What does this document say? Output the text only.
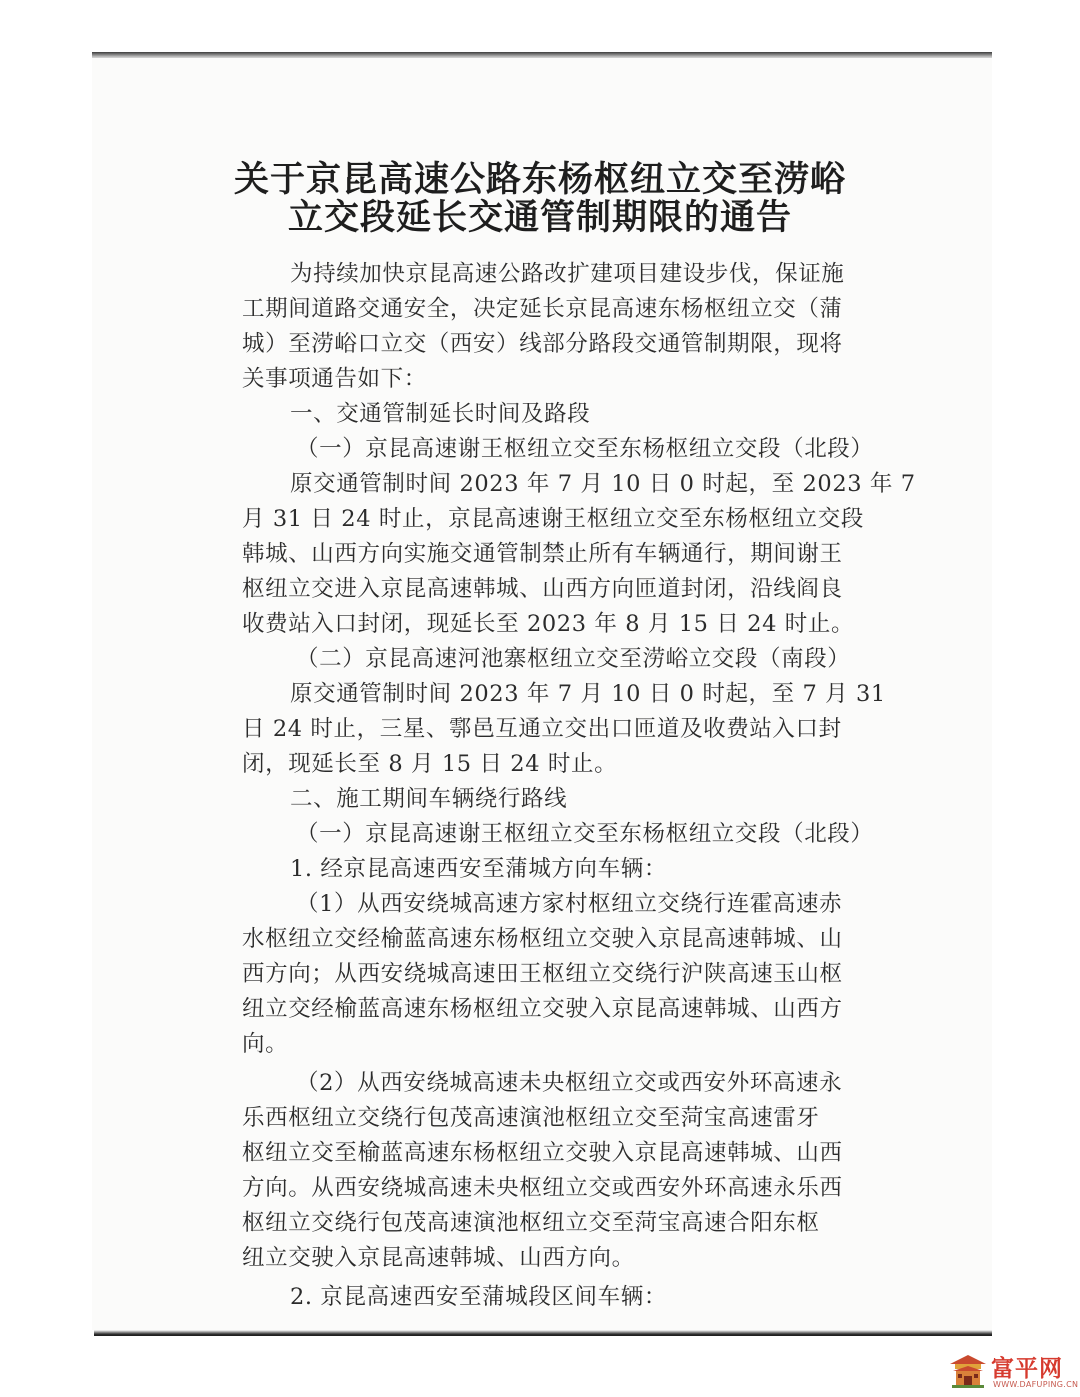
关于京昆高速公路东杨枢纽立交至涝峪
立交段延长交通管制期限的通告
为持续加快京昆高速公路改扩建项目建设步伐，保证施
工期间道路交通安全，决定延长京昆高速东杨枢纽立交（蒲
城）至涝峪口立交（西安）线部分路段交通管制期限，现将
关事项通告如下：
一、交通管制延长时间及路段
（一）京昆高速谢王枢纽立交至东杨枢纽立交段（北段）
原交通管制时间 2023 年 7 月 10 日 0 时起，至 2023 年 7
月 31 日 24 时止，京昆高速谢王枢纽立交至东杨枢纽立交段
韩城、山西方向实施交通管制禁止所有车辆通行，期间谢王
枢纽立交进入京昆高速韩城、山西方向匝道封闭，沿线阎良
收费站入口封闭，现延长至 2023 年 8 月 15 日 24 时止。
（二）京昆高速河池寨枢纽立交至涝峪立交段（南段）
原交通管制时间 2023 年 7 月 10 日 0 时起，至 7 月 31
日 24 时止，三星、鄠邑互通立交出口匝道及收费站入口封
闭，现延长至 8 月 15 日 24 时止。
二、施工期间车辆绕行路线
（一）京昆高速谢王枢纽立交至东杨枢纽立交段（北段）
1. 经京昆高速西安至蒲城方向车辆：
（1）从西安绕城高速方家村枢纽立交绕行连霍高速赤
水枢纽立交经榆蓝高速东杨枢纽立交驶入京昆高速韩城、山
西方向；从西安绕城高速田王枢纽立交绕行沪陕高速玉山枢
纽立交经榆蓝高速东杨枢纽立交驶入京昆高速韩城、山西方
向。
（2）从西安绕城高速未央枢纽立交或西安外环高速永
乐西枢纽立交绕行包茂高速演池枢纽立交至菏宝高速雷牙
枢纽立交至榆蓝高速东杨枢纽立交驶入京昆高速韩城、山西
方向。从西安绕城高速未央枢纽立交或西安外环高速永乐西
枢纽立交绕行包茂高速演池枢纽立交至菏宝高速合阳东枢
纽立交驶入京昆高速韩城、山西方向。
2. 京昆高速西安至蒲城段区间车辆：
富平网
WWW.DAFUPING.CN
